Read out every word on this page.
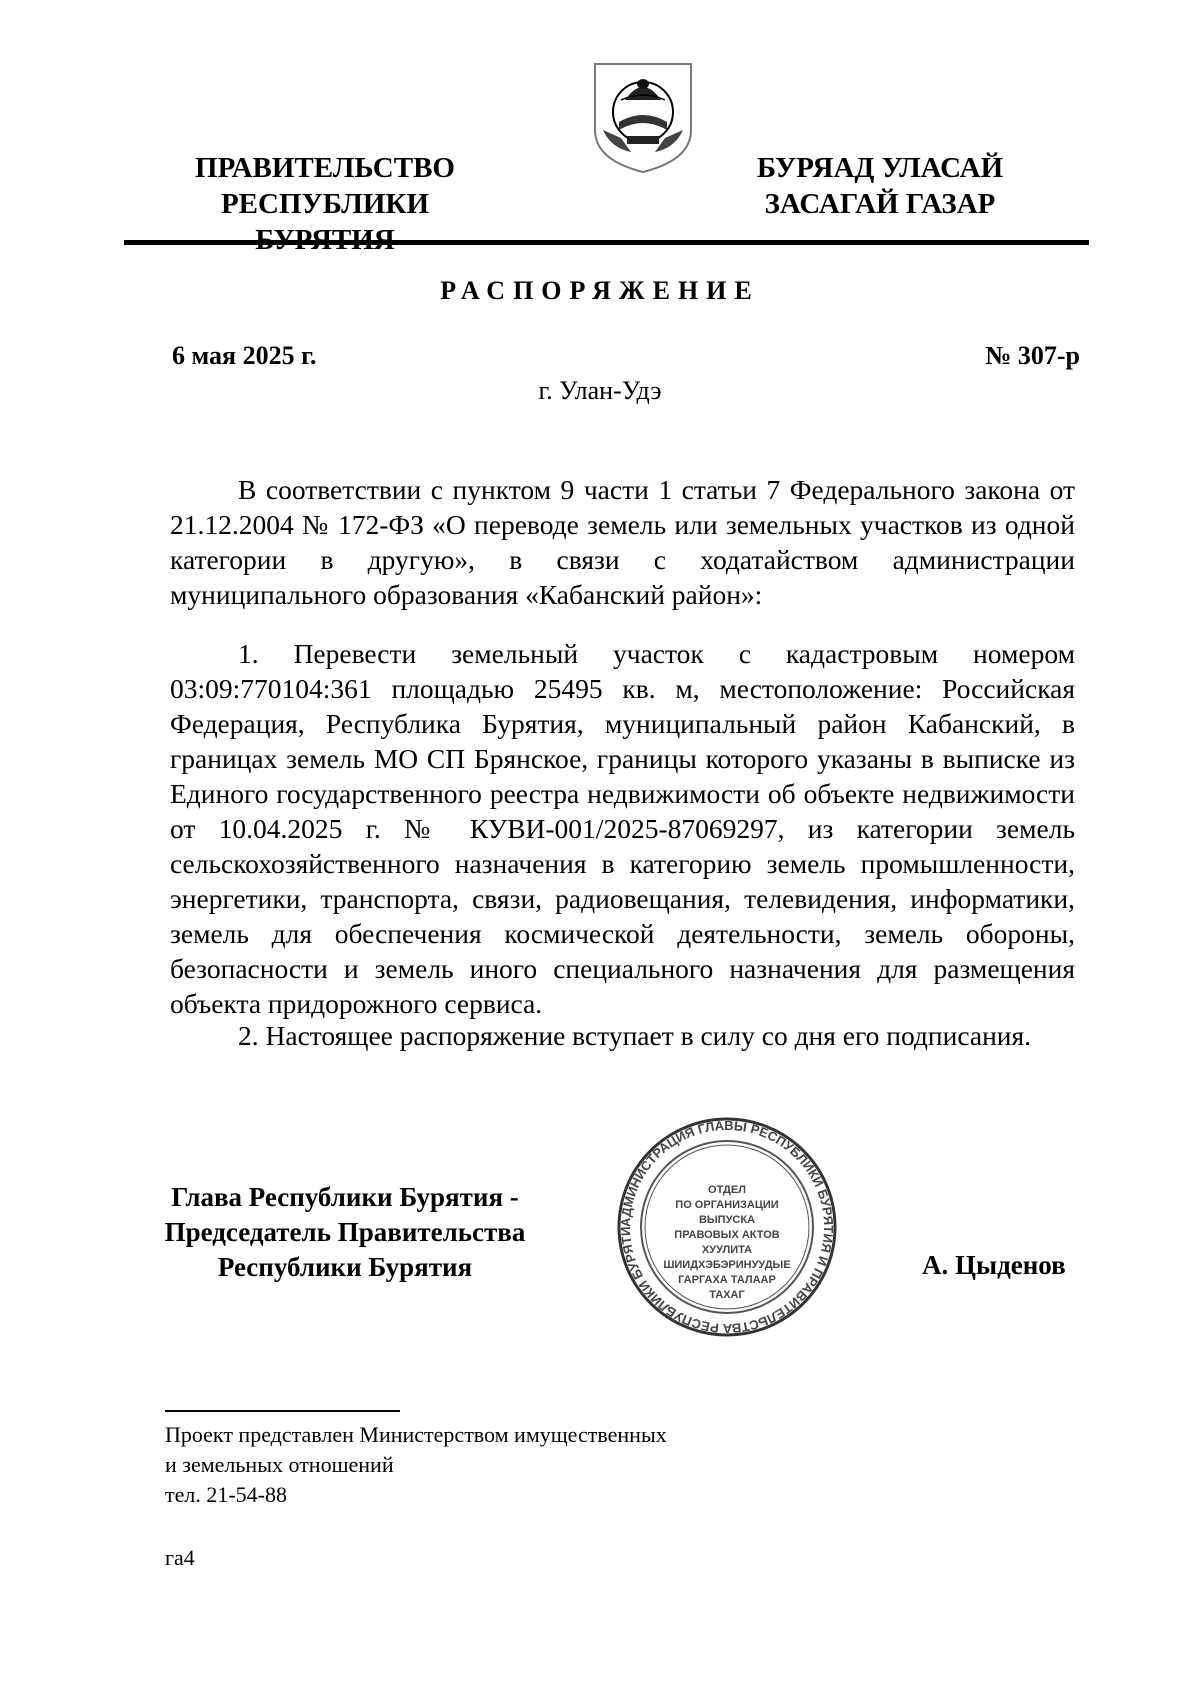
ПРАВИТЕЛЬСТВО
РЕСПУБЛИКИ
БУРЯАД УЛАСАЙ
ЗАСАГАЙ ГАЗАР
РАСПОРЯЖЕНИЕ
6 мая 2025 г.	№ 307-р
г. Улан-Удэ

В соответствии с пунктом 9 части 1 статьи 7 Федерального закона от 21.12.2004 № 172-ФЗ «О переводе земель или земельных участков из одной категории в другую», в связи с ходатайством администрации муниципального образования «Кабанский район»:

1. Перевести земельный участок с кадастровым номером 03:09:770104:361 площадью 25495 кв. м, местоположение: Российская Федерация, Республика Бурятия, муниципальный район Кабанский, в границах земель МО СП Брянское, границы которого указаны в выписке из Единого государственного реестра недвижимости об объекте недвижимости от 10.04.2025 г. № КУВИ-001/2025-87069297, из категории земель сельскохозяйственного назначения в категорию земель промышленности, энергетики, транспорта, связи, радиовещания, телевидения, информатики, земель для обеспечения космической деятельности, земель обороны, безопасности и земель иного специального назначения для размещения объекта придорожного сервиса.

2. Настоящее распоряжение вступает в силу со дня его подписания.

Глава Республики Бурятия -
Председатель Правительства
Республики Бурятия
АДМИНИСТРАЦИЯ ГЛАВЫ РЕСПУБЛИКИ БУРЯТИЯ И ПРАВИТЕЛЬСТВА РЕСПУБЛИКИ БУРЯТИ
ОТДЕЛ
ПО ОРГАНИЗАЦИИ
ВЫПУСКА
ПРАВОВЫХ АКТОВ
ХУУЛИТА
ШИИДХЭБЭРИНУУДЫЕ
ГАРГАХА ТАЛААР
ТАХАГ
А. Цыденов
Проект представлен Министерством имущественных
и земельных отношений
тел. 21-54-88
га4
